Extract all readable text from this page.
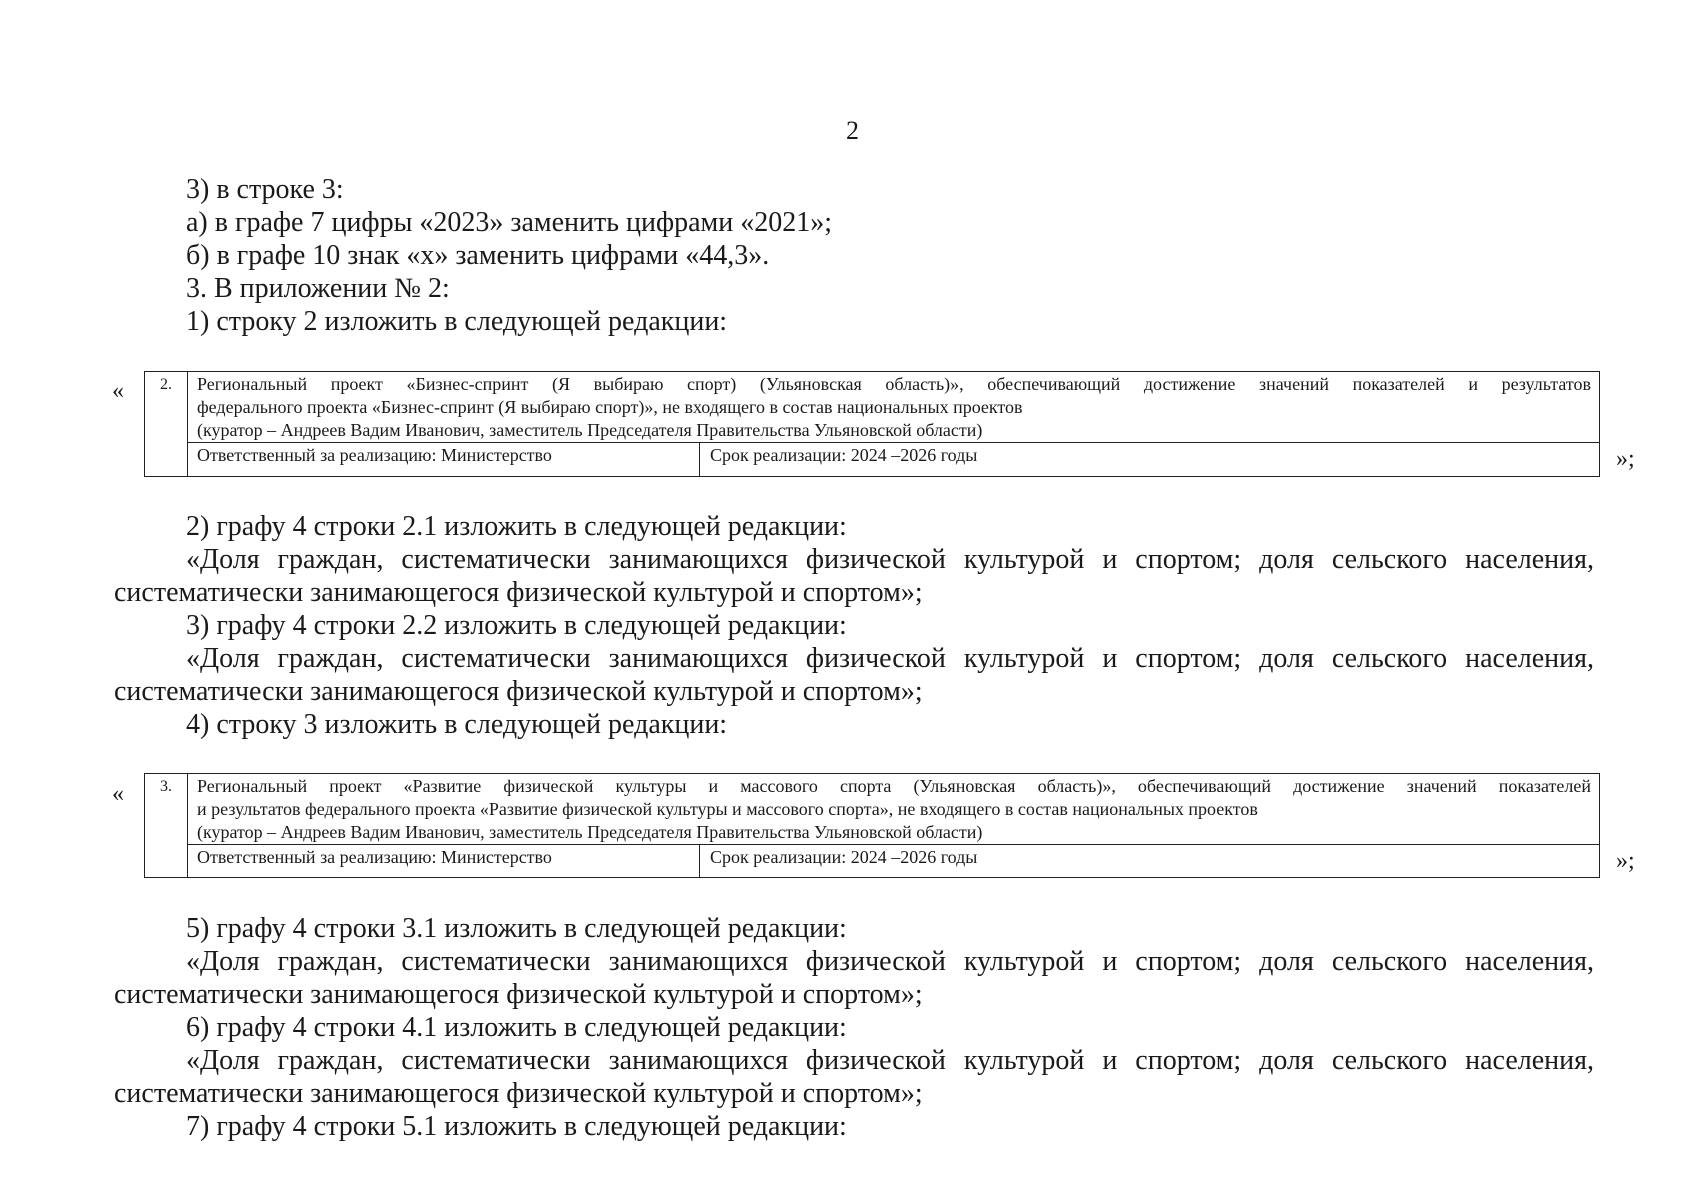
2
3) в строке 3:
а) в графе 7 цифры «2023» заменить цифрами «2021»;
б) в графе 10 знак «х» заменить цифрами «44,3».
3. В приложении № 2:
1) строку 2 изложить в следующей редакции:
«	2.	Региональный проект «Бизнес-спринт (Я выбираю спорт) (Ульяновская область)», обеспечивающий достижение значений показателей и результатов
федерального проекта «Бизнес-спринт (Я выбираю спорт)», не входящего в состав национальных проектов
(куратор – Андреев Вадим Иванович, заместитель Председателя Правительства Ульяновской области)
Ответственный за реализацию: Министерство	Срок реализации: 2024 –2026 годы	»;
2) графу 4 строки 2.1 изложить в следующей редакции:
«Доля граждан, систематически занимающихся физической культурой и спортом; доля сельского населения,
систематически занимающегося физической культурой и спортом»;
3) графу 4 строки 2.2 изложить в следующей редакции:
«Доля граждан, систематически занимающихся физической культурой и спортом; доля сельского населения,
систематически занимающегося физической культурой и спортом»;
4) строку 3 изложить в следующей редакции:
«	3.	Региональный проект «Развитие физической культуры и массового спорта (Ульяновская область)», обеспечивающий достижение значений показателей
и результатов федерального проекта «Развитие физической культуры и массового спорта», не входящего в состав национальных проектов
(куратор – Андреев Вадим Иванович, заместитель Председателя Правительства Ульяновской области)
Ответственный за реализацию: Министерство	Срок реализации: 2024 –2026 годы	»;
5) графу 4 строки 3.1 изложить в следующей редакции:
«Доля граждан, систематически занимающихся физической культурой и спортом; доля сельского населения,
систематически занимающегося физической культурой и спортом»;
6) графу 4 строки 4.1 изложить в следующей редакции:
«Доля граждан, систематически занимающихся физической культурой и спортом; доля сельского населения,
систематически занимающегося физической культурой и спортом»;
7) графу 4 строки 5.1 изложить в следующей редакции:
